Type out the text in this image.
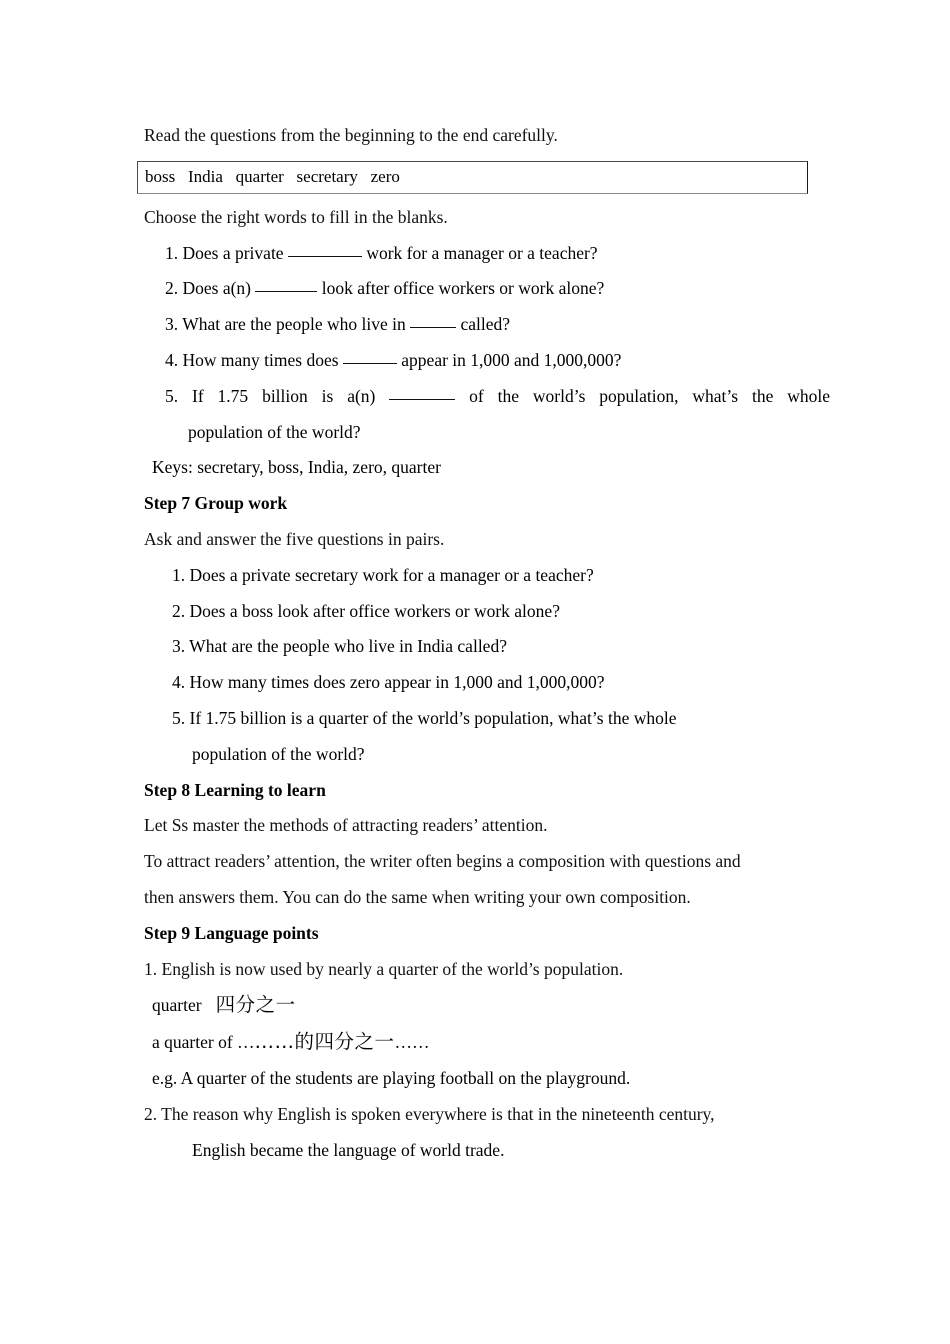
Read the questions from the beginning to the end carefully.
boss   India   quarter   secretary   zero
Choose the right words to fill in the blanks.
1. Does a private	work for a manager or a teacher?
2. Does a(n)	look after office workers or work alone?
3. What are the people who live in	called?
4. How many times does	appear in 1,000 and 1,000,000?
5. If 1.75 billion is a(n)	of the world’s population, what’s the whole
population of the world?
Keys: secretary, boss, India, zero, quarter
Step 7 Group work
Ask and answer the five questions in pairs.
1. Does a private secretary work for a manager or a teacher?
2. Does a boss look after office workers or work alone?
3. What are the people who live in India called?
4. How many times does zero appear in 1,000 and 1,000,000?
5. If 1.75 billion is a quarter of the world’s population, what’s the whole
population of the world?
Step 8 Learning to learn
Let Ss master the methods of attracting readers’ attention.
To attract readers’ attention, the writer often begins a composition with questions and
then answers them. You can do the same when writing your own composition.
Step 9 Language points
1. English is now used by nearly a quarter of the world’s population.
quarter 四分之一
a quarter of ………的四分之一……
e.g. A quarter of the students are playing football on the playground.
2. The reason why English is spoken everywhere is that in the nineteenth century,
English became the language of world trade.
